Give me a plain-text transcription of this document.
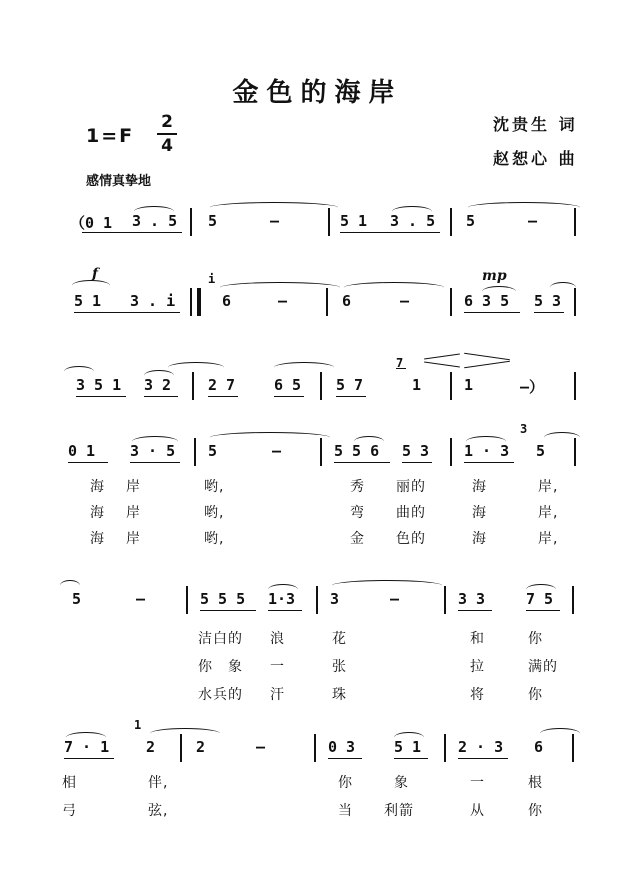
金色的海岸
1=F
2
4
沈贵生 词
赵恕心 曲
感情真挚地
（0 1 3 . 5 5	—	5 1 3 . 5 5	—
f	mp
5 1 3 . i
i
6	—	6	—	6 3 5 5 3
3 5 1 3 2 2 7	6 5 5 7
7
1	1	—）
0 1 3 · 5 5	—	5 5 6 5 3 1 · 3
3
5
海 岸	哟,	秀 丽的	海	岸,
海 岸	哟,	弯 曲的	海	岸,
海 岸	哟,	金 色的	海	岸,
5	—	5 5 5 1·3 3	—	3 3	7 5
洁白的 浪	花	和	你
你 象 一	张	拉	满的
水兵的 汗	珠	将	你
7 · 1
1
2	2	—	0 3	5 1 2 · 3 6
相	伴,	你	象	一	根
弓	弦,	当 利箭	从	你
